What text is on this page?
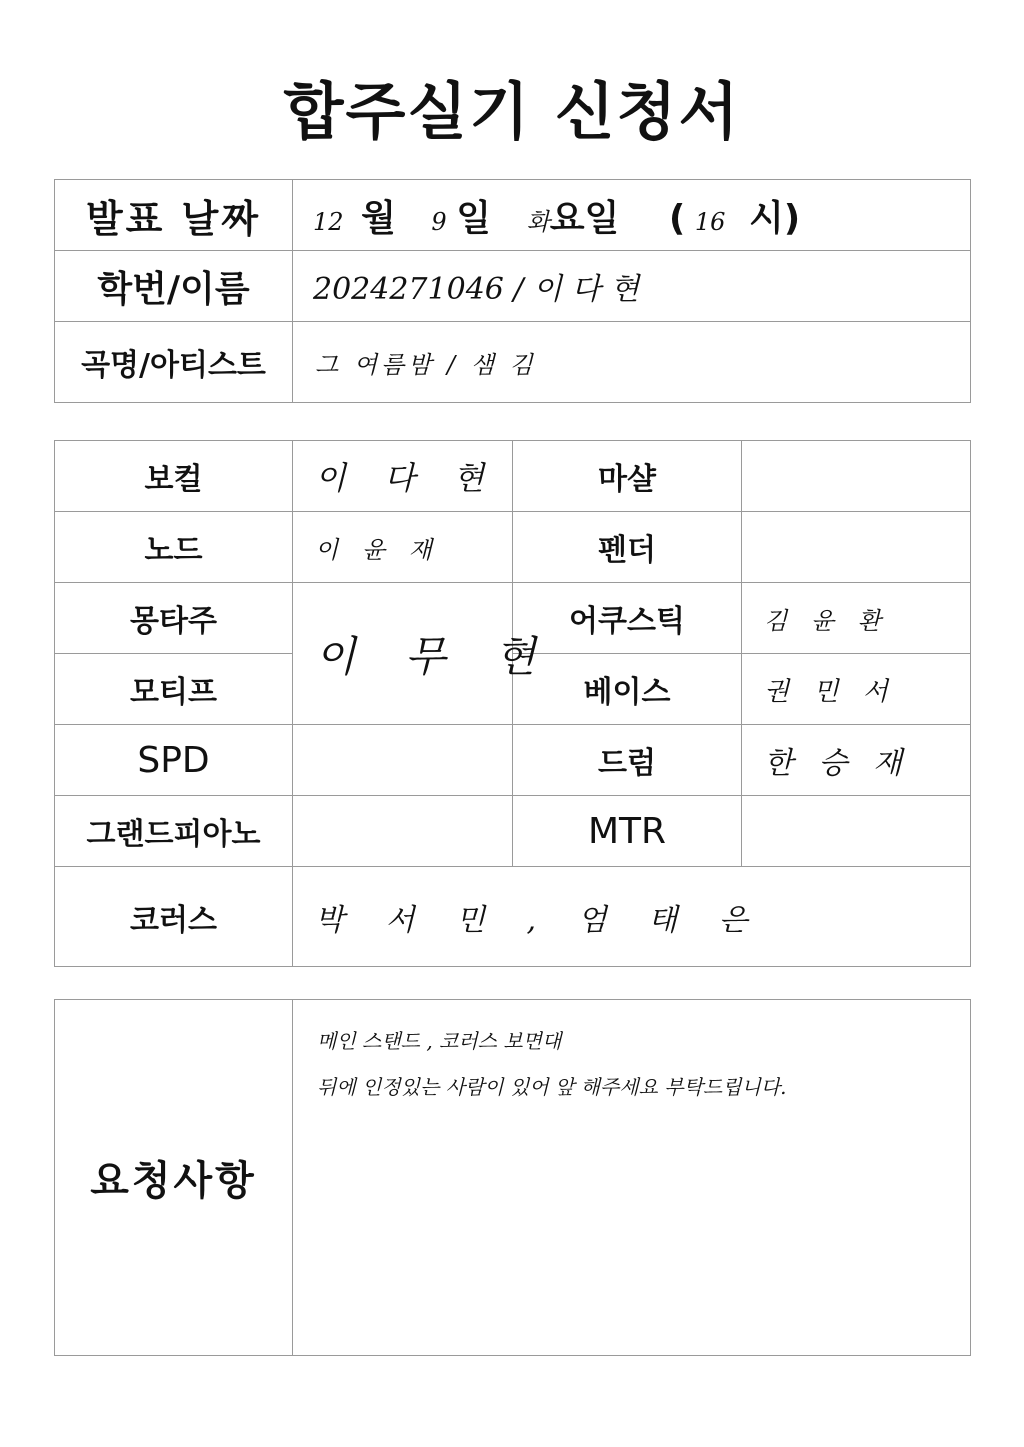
합주실기 신청서
발표 날짜	12 월 9 일 화요일 ( 16 시)
학번/이름	2024271046 / 이 다 현
곡명/아티스트	그 여름밤 / 샘 김
보컬	이 다 현	마샬	
노드	이 윤 재	펜더	
몽타주	이 무 현	어쿠스틱	김 윤 환
모티프		베이스	권 민 서
SPD		드럼	한 승 재
그랜드피아노		MTR	
코러스	박 서 민 , 엄 태 은		
요청사항	
메인 스탠드 , 코러스 보면대
뒤에 인정있는 사람이 있어 앞 해주세요 부탁드립니다.
